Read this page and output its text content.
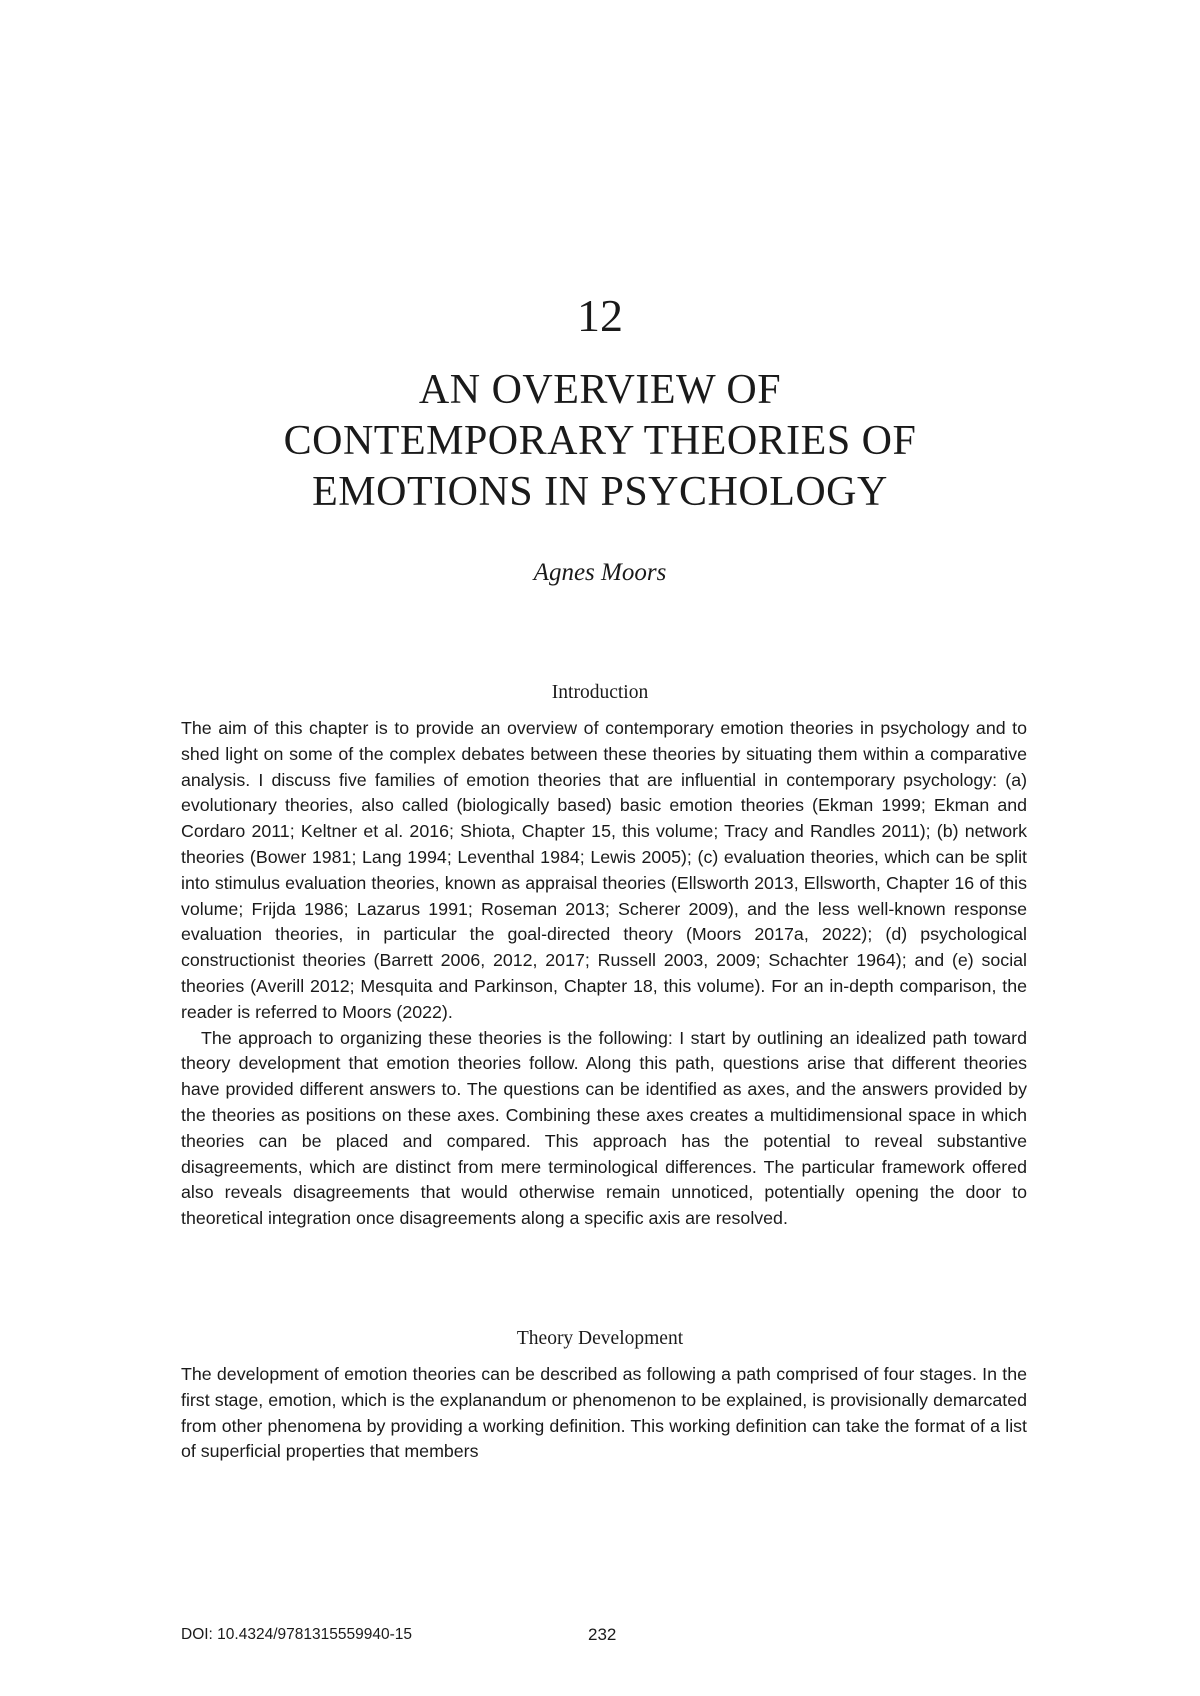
12
AN OVERVIEW OF
CONTEMPORARY THEORIES OF
EMOTIONS IN PSYCHOLOGY
Agnes Moors
Introduction

The aim of this chapter is to provide an overview of contemporary emotion theories in psychology and to shed light on some of the complex debates between these theories by situating them within a comparative analysis. I discuss five families of emotion theories that are influential in contemporary psychology: (a) evolutionary theories, also called (biologically based) basic emotion theories (Ekman 1999; Ekman and Cordaro 2011; Keltner et al. 2016; Shiota, Chapter 15, this volume; Tracy and Randles 2011); (b) network theories (Bower 1981; Lang 1994; Leventhal 1984; Lewis 2005); (c) evaluation theories, which can be split into stimulus evaluation theories, known as appraisal theories (Ellsworth 2013, Ellsworth, Chapter 16 of this volume; Frijda 1986; Lazarus 1991; Roseman 2013; Scherer 2009), and the less well-known response evaluation theories, in particular the goal-directed theory (Moors 2017a, 2022); (d) psychological constructionist theories (Barrett 2006, 2012, 2017; Russell 2003, 2009; Schachter 1964); and (e) social theories (Averill 2012; Mesquita and Parkinson, Chapter 18, this volume). For an in-depth comparison, the reader is referred to Moors (2022).

The approach to organizing these theories is the following: I start by outlining an idealized path toward theory development that emotion theories follow. Along this path, questions arise that different theories have provided different answers to. The questions can be identified as axes, and the answers provided by the theories as positions on these axes. Combining these axes creates a multidimensional space in which theories can be placed and compared. This approach has the potential to reveal substantive disagreements, which are distinct from mere terminological differences. The particular framework offered also reveals disagreements that would otherwise remain unnoticed, potentially opening the door to theoretical integration once disagreements along a specific axis are resolved.

Theory Development

The development of emotion theories can be described as following a path comprised of four stages. In the first stage, emotion, which is the explanandum or phenomenon to be explained, is provisionally demarcated from other phenomena by providing a working definition. This working definition can take the format of a list of superficial properties that members

DOI: 10.4324/9781315559940-15	232
